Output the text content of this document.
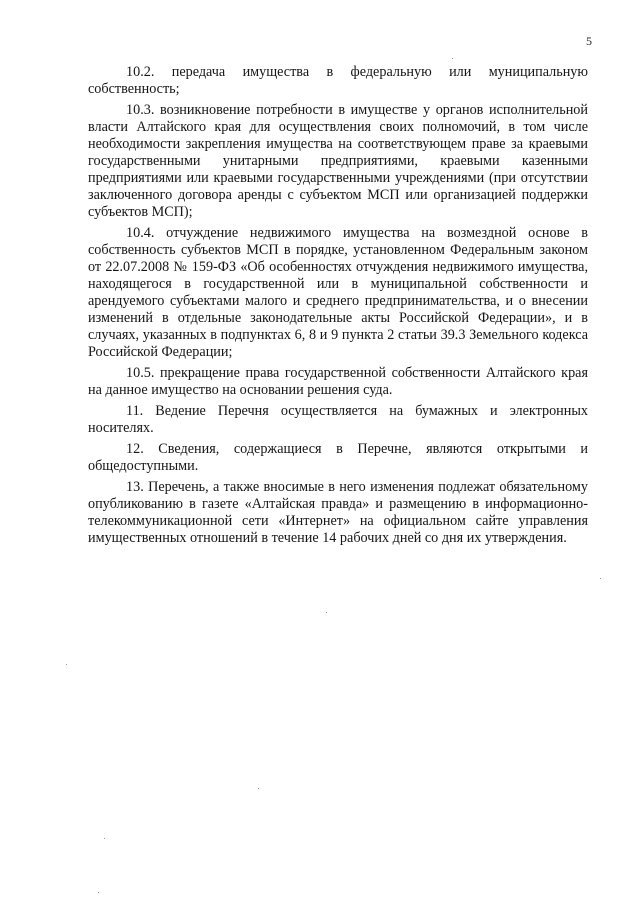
5

10.2. передача имущества в федеральную или муниципальную собственность;

10.3. возникновение потребности в имуществе у органов исполнительной власти Алтайского края для осуществления своих полномочий, в том числе необходимости закрепления имущества на соответствующем праве за краевыми государственными унитарными предприятиями, краевыми казенными предприятиями или краевыми государственными учреждениями (при отсутствии заключенного договора аренды с субъектом МСП или организацией поддержки субъектов МСП);

10.4. отчуждение недвижимого имущества на возмездной основе в собственность субъектов МСП в порядке, установленном Федеральным законом от 22.07.2008 № 159-ФЗ «Об особенностях отчуждения недвижимого имущества, находящегося в государственной или в муниципальной собственности и арендуемого субъектами малого и среднего предпринимательства, и о внесении изменений в отдельные законодательные акты Российской Федерации», и в случаях, указанных в подпунктах 6, 8 и 9 пункта 2 статьи 39.3 Земельного кодекса Российской Федерации;

10.5. прекращение права государственной собственности Алтайского края на данное имущество на основании решения суда.

11. Ведение Перечня осуществляется на бумажных и электронных носителях.

12. Сведения, содержащиеся в Перечне, являются открытыми и общедоступными.

13. Перечень, а также вносимые в него изменения подлежат обязательному опубликованию в газете «Алтайская правда» и размещению в информационно-телекоммуникационной сети «Интернет» на официальном сайте управления имущественных отношений в течение 14 рабочих дней со дня их утверждения.
